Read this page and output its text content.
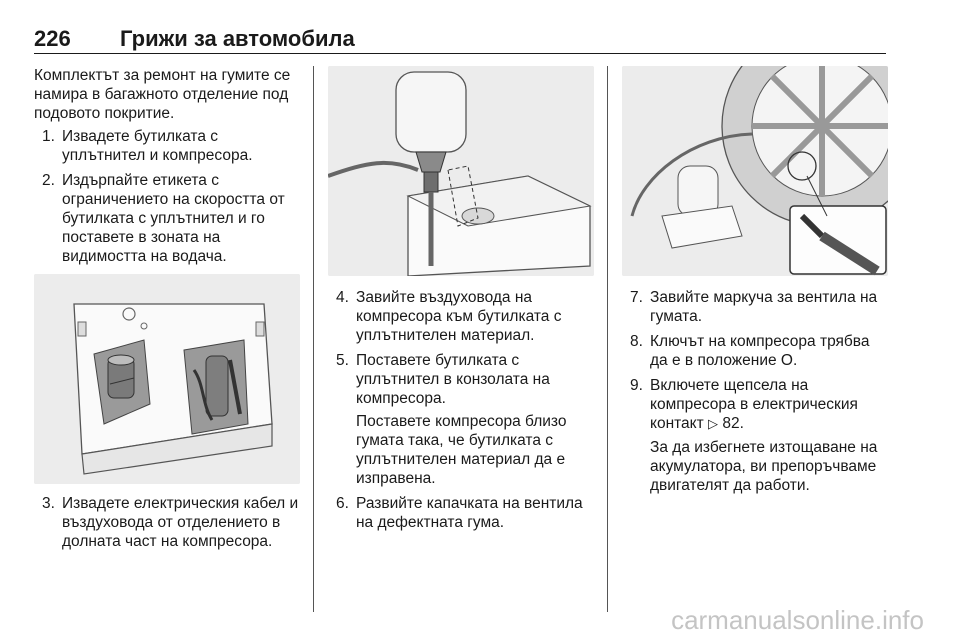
226 Грижи за автомобила

Комплектът за ремонт на гумите се намира в багажното отделение под подовото покритие.

1. Извадете бутилката с уплътнител и компресора.
2. Издърпайте етикета с ограничението на скоростта от бутилката с уплътнител и го поставете в зоната на видимостта на водача.
3. Извадете електрическия кабел и въздуховода от отделението в долната част на компресора.
4. Завийте въздуховода на компресора към бутилката с уплътнителен материал.
5. Поставете бутилката с уплътнител в конзолата на компресора.
Поставете компресора близо гумата така, че бутилката с уплътнителен материал да е изправена.
6. Развийте капачката на вентила на дефектната гума.
7. Завийте маркуча за вентила на гумата.
8. Ключът на компресора трябва да е в положение O.
9. Включете щепсела на компресора в електрическия контакт ▷ 82.
За да избегнете изтощаване на акумулатора, ви препоръчваме двигателят да работи.
carmanualsonline.info
